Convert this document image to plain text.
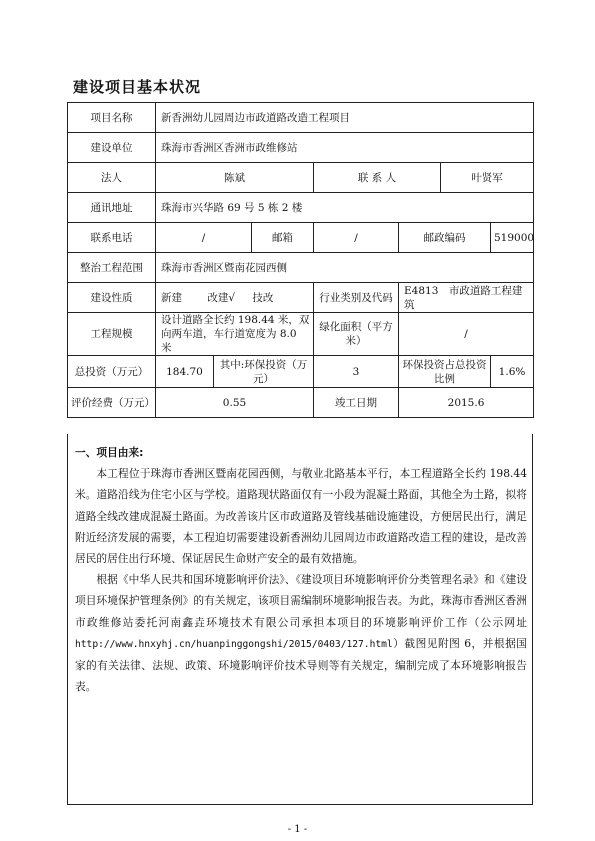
建设项目基本状况
项目名称	新香洲幼儿园周边市政道路改造工程项目						
建设单位	珠海市香洲区香洲市政维修站						
法人	陈斌			联 系 人		叶贤军	
通讯地址	珠海市兴华路 69 号 5 栋 2 楼						
联系电话	/		邮箱	/	邮政编码		519000
整治工程范围	珠海市香洲区暨南花园西侧						
建设性质	新建 改建√ 技改			行业类别及代码	E4813　市政道路工程建筑		
工程规模	设计道路全长约 198.44 米，双向两车道，车行道宽度为 8.0 米			绿化面积（平方米）	/		
总投资（万元）	184.70	其中:环保投资（万元）		3	环保投资占总投资比例		1.6%
评价经费（万元）	0.55			竣工日期	2015.6		
一、项目由来:

本工程位于珠海市香洲区暨南花园西侧，与敬业北路基本平行，本工程道路全长约 198.44 米。道路沿线为住宅小区与学校。道路现状路面仅有一小段为混凝土路面，其他全为土路，拟将道路全线改建成混凝土路面。为改善该片区市政道路及管线基础设施建设，方便居民出行，满足附近经济发展的需要，本工程迫切需要建设新香洲幼儿园周边市政道路改造工程的建设，是改善居民的居住出行环境、保证居民生命财产安全的最有效措施。

根据《中华人民共和国环境影响评价法》、《建设项目环境影响评价分类管理名录》和《建设项目环境保护管理条例》的有关规定，该项目需编制环境影响报告表。为此，珠海市香洲区香洲市政维修站委托河南鑫垚环境技术有限公司承担本项目的环境影响评价工作（公示网址 http://www.hnxyhj.cn/huanpinggongshi/2015/0403/127.html）截图见附图 6，并根据国家的有关法律、法规、政策、环境影响评价技术导则等有关规定，编制完成了本环境影响报告表。

- 1 -
